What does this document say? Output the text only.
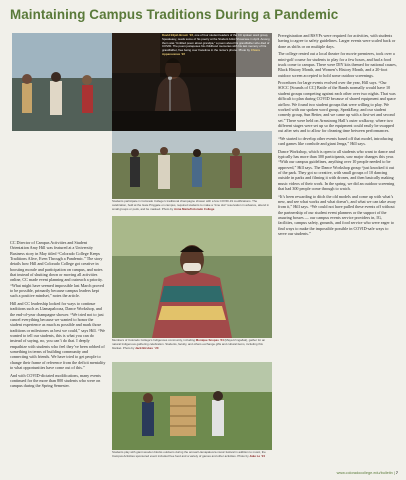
Maintaining Campus Traditions During a Pandemic
David Elijah Brown ’23, one of four student leaders of the CC spoken word group, Speakeasy, reads some of his poetry at the Student Artist Showcase in April. Among them was “Untitled poem about grandpa,” a poem about his grandfather who died of COVID. The poem juxtaposes his childhood memories with his last memory of his grandfather, free being over Facetime in the nurse’s phone. Photo by Chiara Apparevence ’22
Students participate in Colorado College’s traditional champagne shower with a few COVID-19 modifications. The celebration, held at the Gate Pinggate on campus, required students to make a “time slot” reservation in advance, attend in small groups or pods, and be masked. Photo by Anna Marie/Colorado College
Members of Colorado College’s Indigenous community, including Monique Snopas ’24 (Maya ki’mga/lak), gather for an natural Indigenous gathering celebration. Students, faculty, and others exchange gifts and cultural items, including this blanket. Photo by Jack Birsbes ’ 20
Students play with giant wooden blocks outdoors during the annual Llamapalooza music festival in addition to music, the Campus Activities sponsored event included free food and a variety of games and other activities. Photo by Jake Le ’24

CC Director of Campus Activities and Student Orientation Amy Hill was featured at a University Business story in May titled “Colorado College Keeps Traditions Alive, Even Through a Pandemic.” The story details how Hill and Colorado College got creative in boosting morale and participation on campus, and notes that instead of shutting down or moving all activities online, CC made event planning and outreach a priority. “What might have seemed impossible last March proved to be possible, primarily because campus leaders kept such a positive mindset,” notes the article.

Hill and CC leadership looked for ways to continue traditions such as Llamapalooza, Dance Workshop, and the end-of-year champagne shower. “We tried not to just cancel everything because we wanted to honor the student experience as much as possible and mark those traditions or milestones as best we could,” says Hill. “We wanted to tell our students, this is what you can do instead of saying, no, you can’t do that. I deeply empathize with students who feel they’ve been robbed of something in terms of building community and connecting with friends. We have tried to get people to change their frame of reference from the deficit mentality to what opportunities have come out of this.”

And with COVID-dictated modifications, many events continued for the more than 800 students who were on campus during the Spring Semester.

Preregistration and RSVPs were required for activities, with students having to agree to safety guidelines. Larger events were scaled back or done as shifts or on multiple days.

The college rented out a local theatre for movie premieres, took over a mini-golf course for students to play for a few hours, and had a food truck come to campus. There were DIY kits themed for national causes, Black History Month, and Women’s History Month, and a 20-foot outdoor screen accepted to hold some outdoor screenings.

Procedures for large events evolved over the year, Hill says. “Our SOCC [Sounds of CC] Battle of the Bands normally would have 10 student groups competing against each other over two nights. That was difficult to plan during COVID because of shared equipment and space airflow. We found two student groups that were willing to play. We worked with our spoken word group, SpeakEasy, and our student comedy group, Sun Better, and we came up with a first-set and second set.” There were held on Armstrong Hall’s outer walkway, where two different stages were set up so the equipment could easily be swapped out after sets and to allow for cleaning time between performances.

“We started to develop other events based off that model, introducing card games like cornhole and giant Jenga,” Hill says.

Dance Workshop, which is open to all students who want to dance and typically has more than 300 participants, saw major changes this year. “With our campus guidelines, anything over 10 people needed to be approved,” Hill says. The Dance Workshop group “just knocked it out of the park. They got so creative, with small groups of 10 dancing outside in parks and filming it with drones, and then basically making music videos of their work. In the spring, we did an outdoor screening that had 300 people come through to watch.

“It’s been rewarding to ditch the old models and come up with what’s new, and see what works and what doesn’t, and what we can take away from it,” Hill says. “We could not have pulled these events off without the partnership of our student event planners or the support of the assuring bosses — our campus events service providers in, IG, facilities, campus safety, grounds, and food service who were eager to find ways to make the impossible possible in COVID-safe ways to serve our students.”

www.coloradocollege.edu/bulletin | 7
